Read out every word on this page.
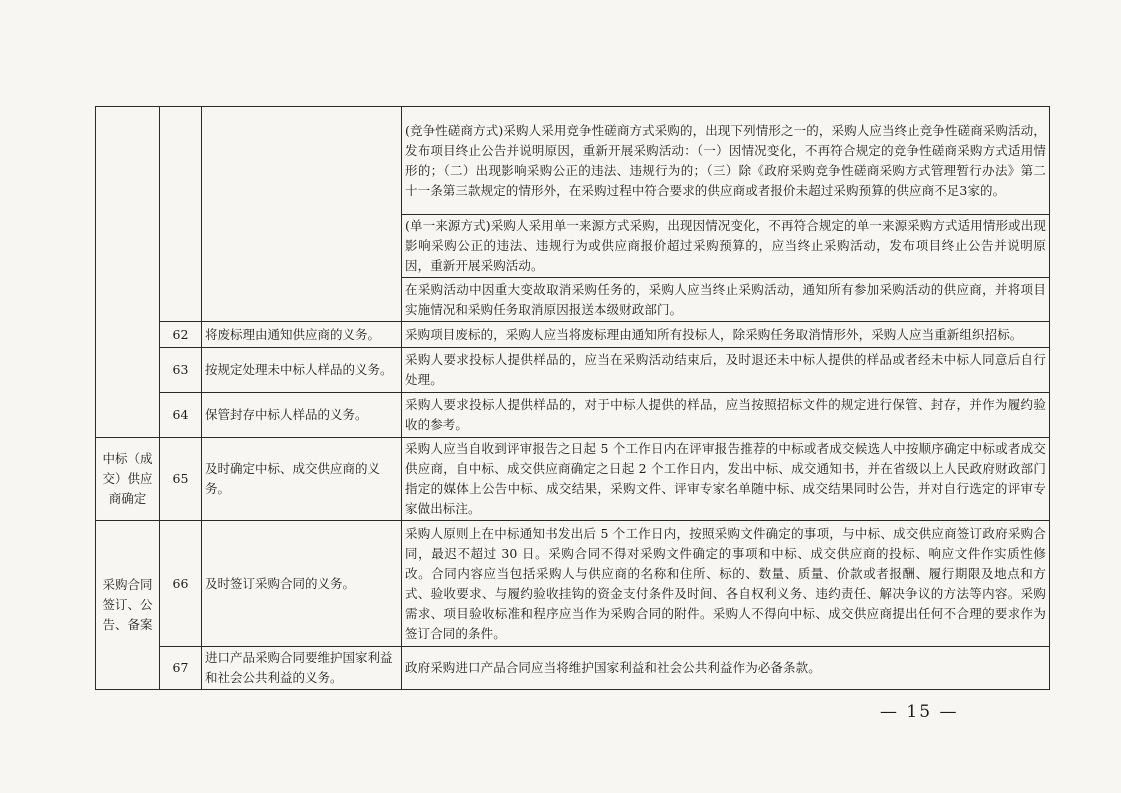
			(竞争性磋商方式)采购人采用竞争性磋商方式采购的，出现下列情形之一的，采购人应当终止竞争性磋商采购活动，发布项目终止公告并说明原因，重新开展采购活动：（一）因情况变化，不再符合规定的竞争性磋商采购方式适用情形的；（二）出现影响采购公正的违法、违规行为的；（三）除《政府采购竞争性磋商采购方式管理暂行办法》第二十一条第三款规定的情形外，在采购过程中符合要求的供应商或者报价未超过采购预算的供应商不足3家的。
			(单一来源方式)采购人采用单一来源方式采购，出现因情况变化，不再符合规定的单一来源采购方式适用情形或出现影响采购公正的违法、违规行为或供应商报价超过采购预算的，应当终止采购活动，发布项目终止公告并说明原因，重新开展采购活动。
			在采购活动中因重大变故取消采购任务的，采购人应当终止采购活动，通知所有参加采购活动的供应商，并将项目实施情况和采购任务取消原因报送本级财政部门。
	62	将废标理由通知供应商的义务。	采购项目废标的，采购人应当将废标理由通知所有投标人，除采购任务取消情形外，采购人应当重新组织招标。
	63	按规定处理未中标人样品的义务。	采购人要求投标人提供样品的，应当在采购活动结束后，及时退还未中标人提供的样品或者经未中标人同意后自行处理。
	64	保管封存中标人样品的义务。	采购人要求投标人提供样品的，对于中标人提供的样品，应当按照招标文件的规定进行保管、封存，并作为履约验收的参考。
中标（成交）供应商确定	65	及时确定中标、成交供应商的义务。	采购人应当自收到评审报告之日起 5 个工作日内在评审报告推荐的中标或者成交候选人中按顺序确定中标或者成交供应商，自中标、成交供应商确定之日起 2 个工作日内，发出中标、成交通知书，并在省级以上人民政府财政部门指定的媒体上公告中标、成交结果，采购文件、评审专家名单随中标、成交结果同时公告，并对自行选定的评审专家做出标注。
采购合同签订、公告、备案	66	及时签订采购合同的义务。	采购人原则上在中标通知书发出后 5 个工作日内，按照采购文件确定的事项，与中标、成交供应商签订政府采购合同，最迟不超过 30 日。采购合同不得对采购文件确定的事项和中标、成交供应商的投标、响应文件作实质性修改。合同内容应当包括采购人与供应商的名称和住所、标的、数量、质量、价款或者报酬、履行期限及地点和方式、验收要求、与履约验收挂钩的资金支付条件及时间、各自权利义务、违约责任、解决争议的方法等内容。采购需求、项目验收标准和程序应当作为采购合同的附件。采购人不得向中标、成交供应商提出任何不合理的要求作为签订合同的条件。
	67	进口产品采购合同要维护国家利益和社会公共利益的义务。	政府采购进口产品合同应当将维护国家利益和社会公共利益作为必备条款。
— 15 —
